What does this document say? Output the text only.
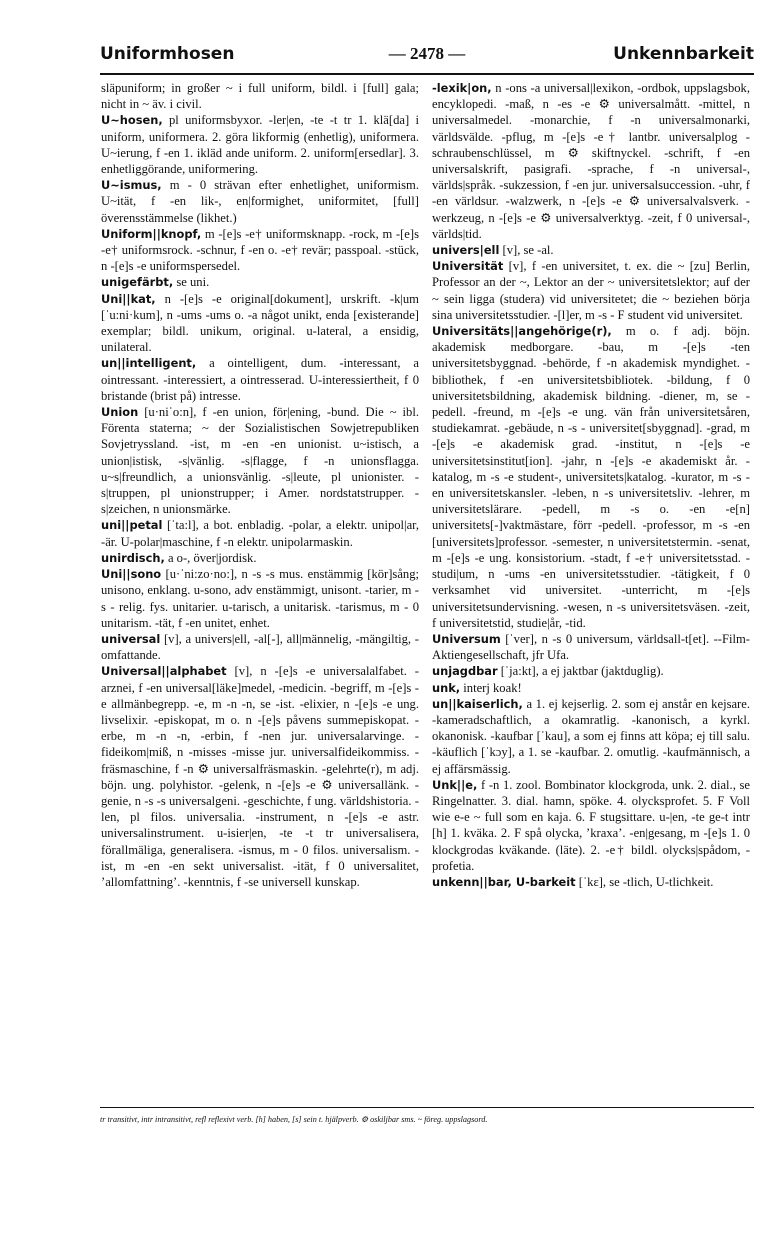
Uniformhosen	— 2478 —	Unkennbarkeit

släpuniform; in großer ~ i full uniform, bildl. i [full] gala; nicht in ~ äv. i civil.

U~hosen, pl uniformsbyxor. -ler|en, -te -t tr 1. klä[da] i uniform, uniformera. 2. göra likformig (enhetlig), uniformera. U~ierung, f -en 1. ikläd ande uniform. 2. uniform[ersedlar]. 3. enhetliggörande, uniformering.

U~ismus, m - 0 strävan efter enhetlighet, uniformism. U~ität, f -en lik-, en|formighet, uniformitet, [full] överensstämmelse (likhet.)

Uniform||knopf, m -[e]s -e† uniformsknapp. -rock, m -[e]s -e† uniformsrock. -schnur, f -en o. -e† revär; passpoal. -stück, n -[e]s -e uniformspersedel.

unigefärbt, se uni.

Uni||kat, n -[e]s -e original[dokument], urskrift. -k|um [ˈu:ni·kum], n -ums -ums o. -a något unikt, enda [existerande] exemplar; bildl. unikum, original. u-lateral, a ensidig, unilateral.

un||intelligent, a ointelligent, dum. -interessant, a ointressant. -interessiert, a ointresserad. U-interessiertheit, f 0 bristande (brist på) intresse.

Union [u·niˈo:n], f -en union, för|ening, -bund. Die ~ ibl. Förenta staterna; ~ der Sozialistischen Sowjetrepubliken Sovjetryssland. -ist, m -en -en unionist. u~istisch, a union|istisk, -s|vänlig. -s|flagge, f -n unionsflagga. u~s|freundlich, a unionsvänlig. -s|leute, pl unionister. -s|truppen, pl unionstrupper; i Amer. nordstatstrupper. -s|zeichen, n unionsmärke.

uni||petal [ˈta:l], a bot. enbladig. -polar, a elektr. unipol|ar, -är. U-polar|maschine, f -n elektr. unipolarmaskin.

unirdisch, a o-, över|jordisk.

Uni||sono [u·ˈni:zo·no:], n -s -s mus. enstämmig [kör]sång; unisono, enklang. u-sono, adv enstämmigt, unisont. -tarier, m -s - relig. fys. unitarier. u-tarisch, a unitarisk. -tarismus, m - 0 unitarism. -tät, f -en unitet, enhet.

universal [v], a univers|ell, -al[-], all|männelig, -mängiltig, -omfattande.

Universal||alphabet [v], n -[e]s -e universalalfabet. -arznei, f -en universal[läke]medel, -medicin. -begriff, m -[e]s -e allmänbegrepp. -e, m -n -n, se -ist. -elixier, n -[e]s -e ung. livselixir. -episkopat, m o. n -[e]s påvens summepiskopat. -erbe, m -n -n, -erbin, f -nen jur. universalarvinge. -fideikom|miß, n -misses -misse jur. universalfideikommiss. -fräsmaschine, f -n ⚙ universalfräsmaskin. -gelehrte(r), m adj. böjn. ung. polyhistor. -gelenk, n -[e]s -e ⚙ universallänk. -genie, n -s -s universalgeni. -geschichte, f ung. världshistoria. -len, pl filos. universalia. -instrument, n -[e]s -e astr. universalinstrument. u-isier|en, -te -t tr universalisera, förallmäliga, generalisera. -ismus, m - 0 filos. universalism. -ist, m -en -en sekt universalist. -ität, f 0 universalitet, ’allomfattning’. -kenntnis, f -se universell kunskap.

-lexik|on, n -ons -a universal|lexikon, -ordbok, uppslagsbok, encyklopedi. -maß, n -es -e ⚙ universalmått. -mittel, n universalmedel. -monarchie, f -n universalmonarki, världsvälde. -pflug, m -[e]s -e† lantbr. universalplog -schraubenschlüssel, m ⚙ skiftnyckel. -schrift, f -en universalskrift, pasigrafi. -sprache, f -n universal-, världs|språk. -sukzession, f -en jur. universalsuccession. -uhr, f -en världsur. -walzwerk, n -[e]s -e ⚙ universalvalsverk. -werkzeug, n -[e]s -e ⚙ universalverktyg. -zeit, f 0 universal-, världs|tid.

univers|ell [v], se -al.

Universität [v], f -en universitet, t. ex. die ~ [zu] Berlin, Professor an der ~, Lektor an der ~ universitetslektor; auf der ~ sein ligga (studera) vid universitetet; die ~ beziehen börja sina universitetsstudier. -[l]er, m -s - F student vid universitet.

Universitäts||angehörige(r), m o. f adj. böjn. akademisk medborgare. -bau, m -[e]s -ten universitetsbyggnad. -behörde, f -n akademisk myndighet. -bibliothek, f -en universitetsbibliotek. -bildung, f 0 universitetsbildning, akademisk bildning. -diener, m, se -pedell. -freund, m -[e]s -e ung. vän från universitetsåren, studiekamrat. -gebäude, n -s - universitet[sbyggnad]. -grad, m -[e]s -e akademisk grad. -institut, n -[e]s -e universitetsinstitut[ion]. -jahr, n -[e]s -e akademiskt år. -katalog, m -s -e student-, universitets|katalog. -kurator, m -s -en universitetskansler. -leben, n -s universitetsliv. -lehrer, m universitetslärare. -pedell, m -s o. -en -e[n] universitets[-]vaktmästare, förr -pedell. -professor, m -s -en [universitets]professor. -semester, n universitetstermin. -senat, m -[e]s -e ung. konsistorium. -stadt, f -e† universitetsstad. -studi|um, n -ums -en universitetsstudier. -tätigkeit, f 0 verksamhet vid universitet. -unterricht, m -[e]s universitetsundervisning. -wesen, n -s universitetsväsen. -zeit, f universitetstid, studie|år, -tid.

Universum [ˈver], n -s 0 universum, världsall-t[et]. --Film-Aktiengesellschaft, jfr Ufa.

unjagdbar [ˈja:kt], a ej jaktbar (jaktduglig).

unk, interj koak!

un||kaiserlich, a 1. ej kejserlig. 2. som ej anstår en kejsare. -kameradschaftlich, a okamratlig. -kanonisch, a kyrkl. okanonisk. -kaufbar [ˈkau], a som ej finns att köpa; ej till salu. -käuflich [ˈkɔy], a 1. se -kaufbar. 2. omutlig. -kaufmännisch, a ej affärsmässig.

Unk||e, f -n 1. zool. Bombinator klockgroda, unk. 2. dial., se Ringelnatter. 3. dial. hamn, spöke. 4. olycksprofet. 5. F Voll wie e-e ~ full som en kaja. 6. F stugsittare. u-|en, -te ge-t intr [h] 1. kväka. 2. F spå olycka, ’kraxa’. -en|gesang, m -[e]s 1. 0 klockgrodas kväkande. (läte). 2. -e† bildl. olycks|spådom, -profetia.

unkenn||bar, U-barkeit [ˈkɛ], se -tlich, U-tlichkeit.

tr transitivt, intr intransitivt, refl reflexivt verb. [h] haben, [s] sein t. hjälpverb. ⚙ oskiljbar sms. ~ föreg. uppslagsord.
